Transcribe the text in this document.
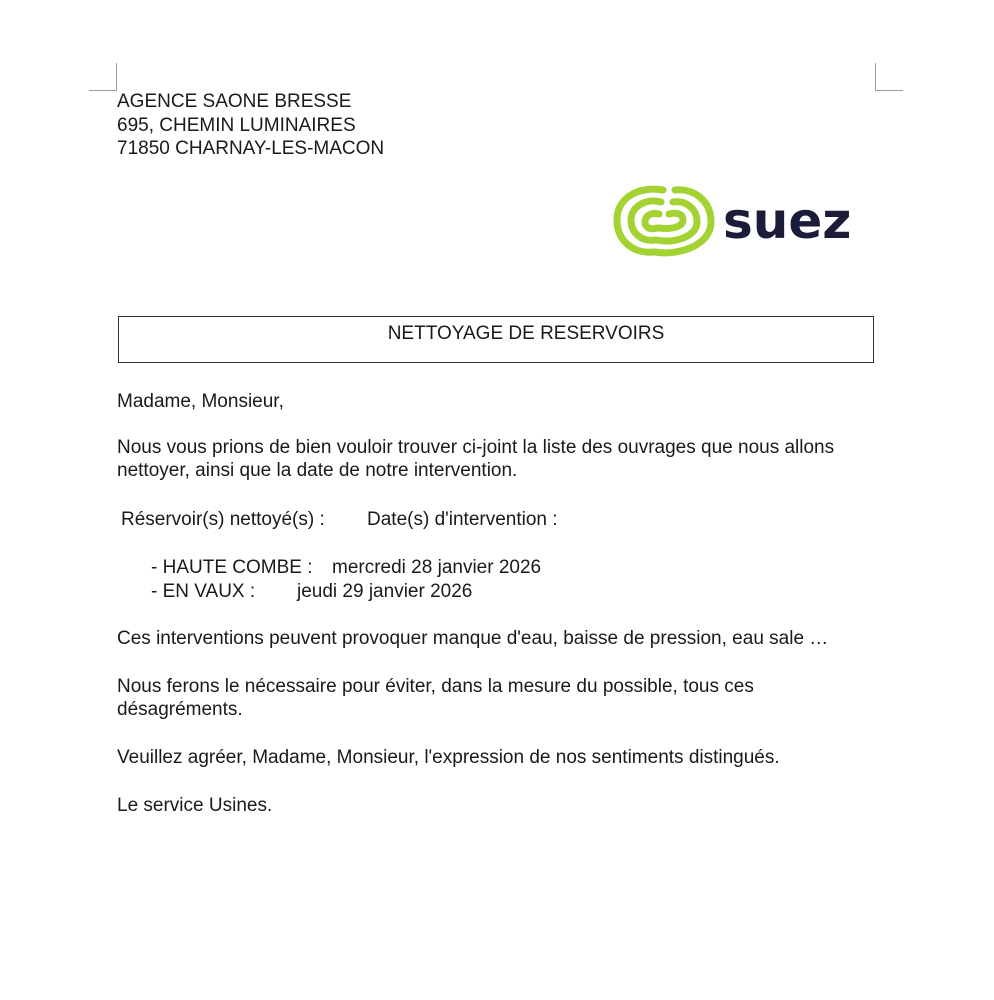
AGENCE SAONE BRESSE
695, CHEMIN LUMINAIRES
71850 CHARNAY-LES-MACON
suez
NETTOYAGE DE RESERVOIRS
Madame, Monsieur,
Nous vous prions de bien vouloir trouver ci-joint la liste des ouvrages que nous allons
nettoyer, ainsi que la date de notre intervention.
Réservoir(s) nettoyé(s) : Date(s) d'intervention :
- HAUTE COMBE : mercredi 28 janvier 2026
- EN VAUX : jeudi 29 janvier 2026
Ces interventions peuvent provoquer manque d'eau, baisse de pression, eau sale …
Nous ferons le nécessaire pour éviter, dans la mesure du possible, tous ces
désagréments.
Veuillez agréer, Madame, Monsieur, l'expression de nos sentiments distingués.
Le service Usines.
